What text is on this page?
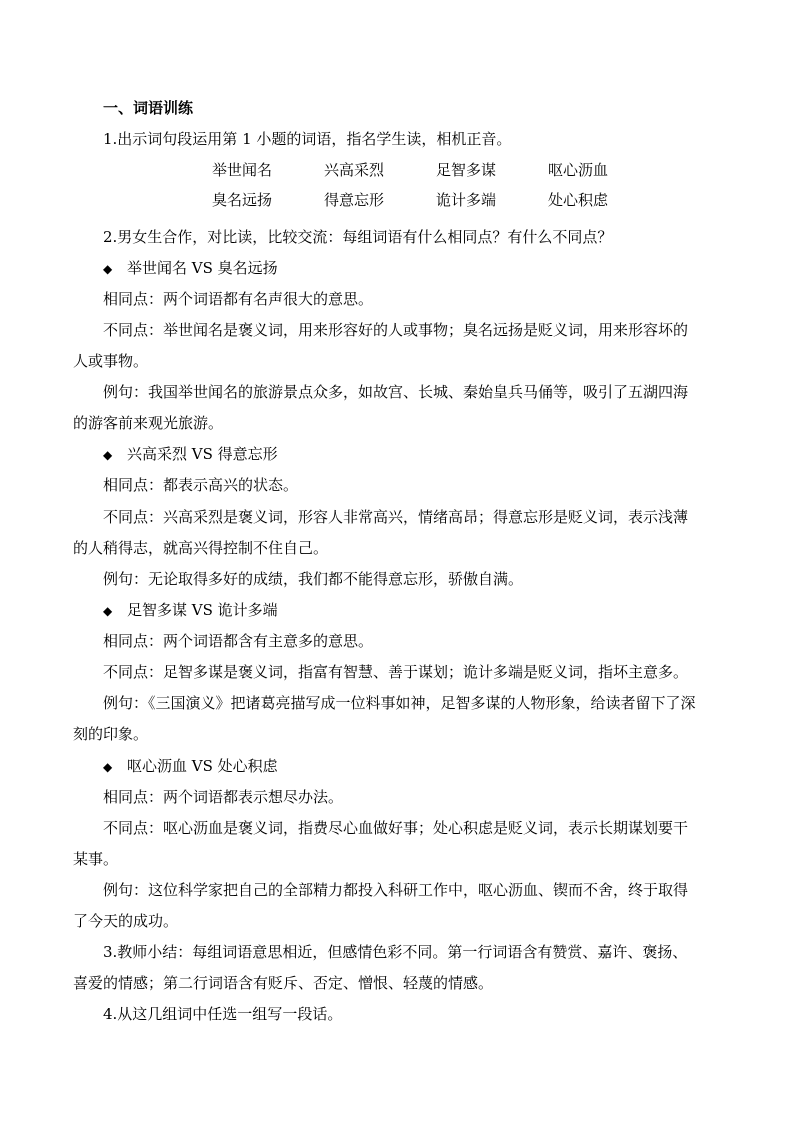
一、词语训练
1.出示词句段运用第 1 小题的词语，指名学生读，相机正音。
举世闻名	兴高采烈	足智多谋	呕心沥血
臭名远扬	得意忘形	诡计多端	处心积虑
2.男女生合作，对比读，比较交流：每组词语有什么相同点？有什么不同点？
◆ 举世闻名 VS 臭名远扬
相同点：两个词语都有名声很大的意思。
不同点：举世闻名是褒义词，用来形容好的人或事物；臭名远扬是贬义词，用来形容坏的
人或事物。
例句：我国举世闻名的旅游景点众多，如故宫、长城、秦始皇兵马俑等，吸引了五湖四海
的游客前来观光旅游。
◆ 兴高采烈 VS 得意忘形
相同点：都表示高兴的状态。
不同点：兴高采烈是褒义词，形容人非常高兴，情绪高昂；得意忘形是贬义词，表示浅薄
的人稍得志，就高兴得控制不住自己。
例句：无论取得多好的成绩，我们都不能得意忘形，骄傲自满。
◆ 足智多谋 VS 诡计多端
相同点：两个词语都含有主意多的意思。
不同点：足智多谋是褒义词，指富有智慧、善于谋划；诡计多端是贬义词，指坏主意多。
例句：《三国演义》把诸葛亮描写成一位料事如神，足智多谋的人物形象，给读者留下了深
刻的印象。
◆ 呕心沥血 VS 处心积虑
相同点：两个词语都表示想尽办法。
不同点：呕心沥血是褒义词，指费尽心血做好事；处心积虑是贬义词，表示长期谋划要干
某事。
例句：这位科学家把自己的全部精力都投入科研工作中，呕心沥血、锲而不舍，终于取得
了今天的成功。
3.教师小结：每组词语意思相近，但感情色彩不同。第一行词语含有赞赏、嘉许、褒扬、
喜爱的情感；第二行词语含有贬斥、否定、憎恨、轻蔑的情感。
4.从这几组词中任选一组写一段话。
